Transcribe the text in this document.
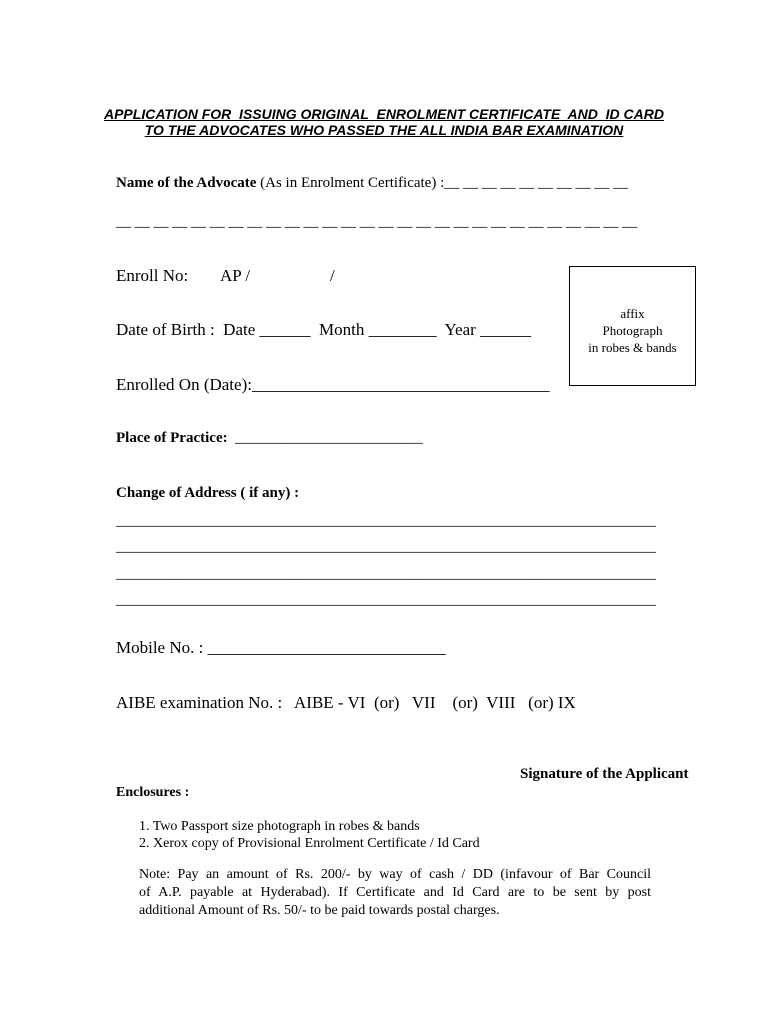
APPLICATION FOR  ISSUING ORIGINAL  ENROLMENT CERTIFICATE  AND  ID CARD
TO THE ADVOCATES WHO PASSED THE ALL INDIA BAR EXAMINATION
Name of the Advocate (As in Enrolment Certificate) :__ __ __ __ __ __ __ __ __ __
__ __ __ __ __ __ __ __ __ __ __ __ __ __ __ __ __ __ __ __ __ __ __ __ __ __ __ __
Enroll No: AP /	/
Date of Birth :  Date ______  Month ________  Year ______
Enrolled On (Date):___________________________________
Place of Practice:  _________________________
Change of Address ( if any) :
________________________________________________________________________
________________________________________________________________________
________________________________________________________________________
________________________________________________________________________
Mobile No. : ____________________________
AIBE examination No. :   AIBE - VI  (or)   VII    (or)  VIII   (or) IX
Signature of the Applicant
Enclosures :
1. Two Passport size photograph in robes & bands
2. Xerox copy of Provisional Enrolment Certificate / Id Card
Note: Pay an amount of Rs. 200/- by way of cash / DD (infavour of Bar Council
of A.P. payable at Hyderabad). If Certificate and Id Card are to be sent by post
additional Amount of Rs. 50/- to be paid towards postal charges.
affix
Photograph
in robes & bands
